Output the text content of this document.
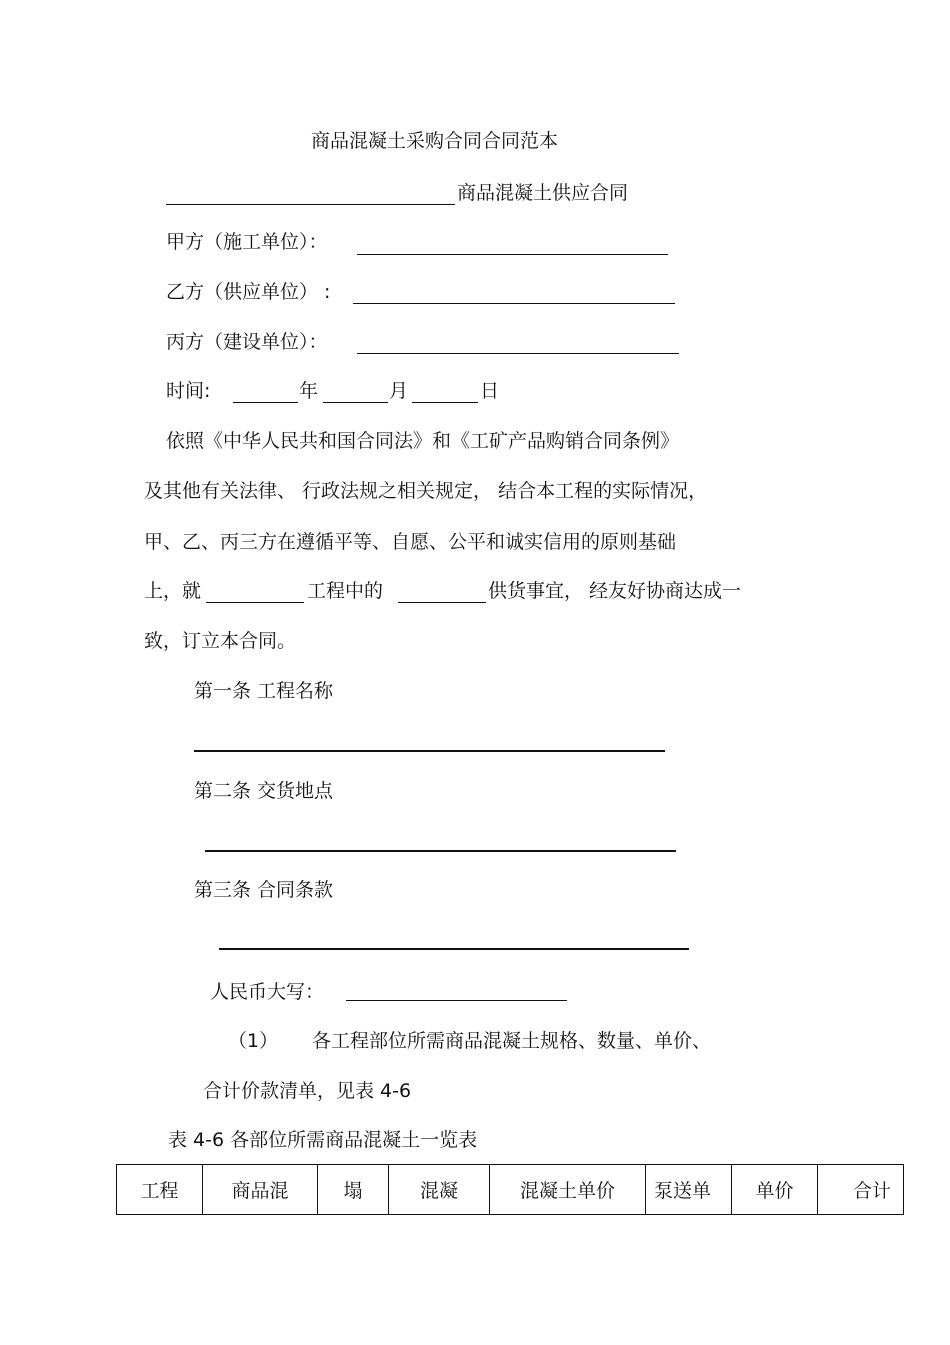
商品混凝土采购合同合同范本
商品混凝土供应合同
甲方（施工单位）：
乙方（供应单位） :
丙方（建设单位）：
时间:	年	月	日
依照《中华人民共和国合同法》和《工矿产品购销合同条例》
及其他有关法律、 行政法规之相关规定， 结合本工程的实际情况，
甲、乙、丙三方在遵循平等、自愿、公平和诚实信用的原则基础
上，就	工程中的	供货事宜， 经友好协商达成一
致，订立本合同。
第一条 工程名称
第二条 交货地点
第三条 合同条款
人民币大写：
（1） 各工程部位所需商品混凝土规格、数量、单价、
合计价款清单，见表 4-6
表 4-6 各部位所需商品混凝土一览表
工程	商品混	塌	混凝	混凝土单价	泵送单	单价	合计
